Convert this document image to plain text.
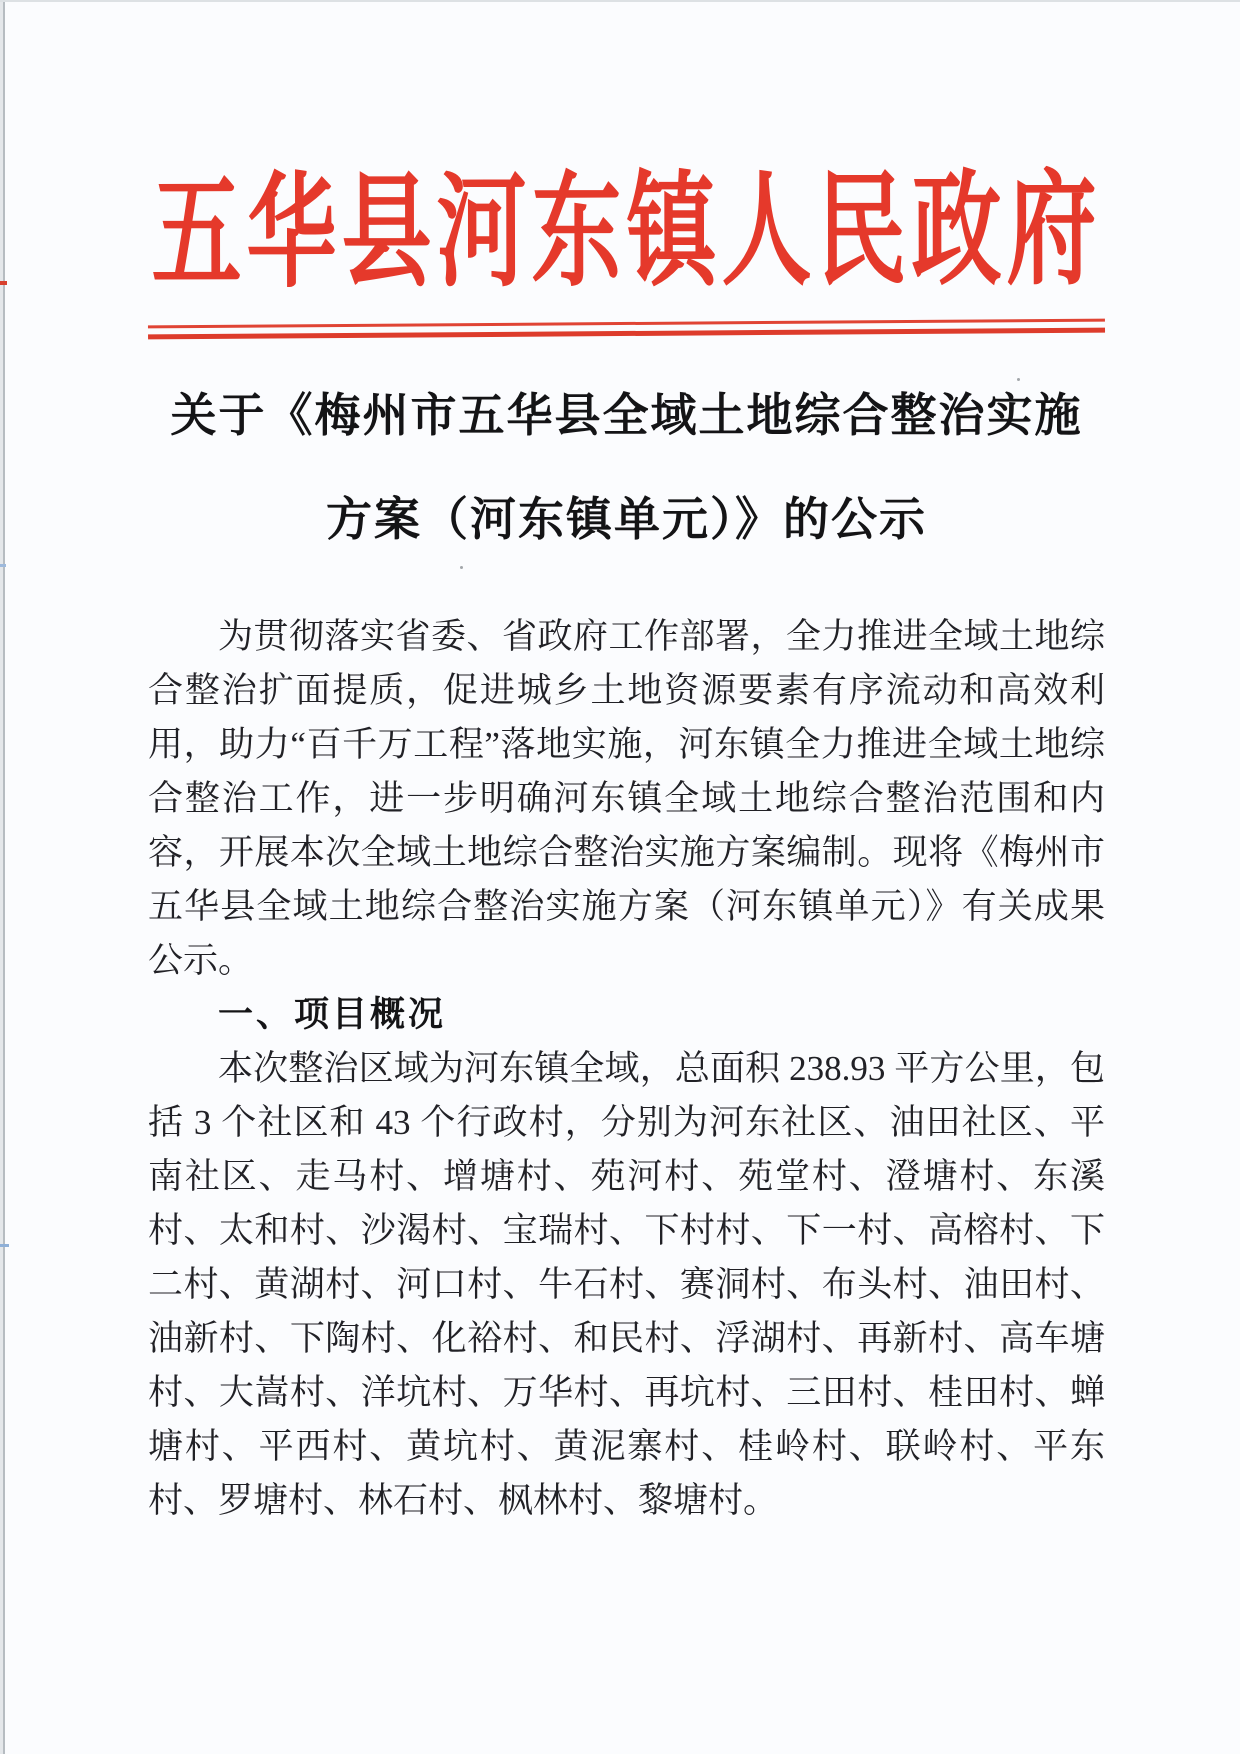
五华县河东镇人民政府
关于《梅州市五华县全域土地综合整治实施
方案（河东镇单元）》的公示
为贯彻落实省委、省政府工作部署，全力推进全域土地综
合整治扩面提质，促进城乡土地资源要素有序流动和高效利
用，助力“百千万工程”落地实施，河东镇全力推进全域土地综
合整治工作，进一步明确河东镇全域土地综合整治范围和内
容，开展本次全域土地综合整治实施方案编制。现将《梅州市
五华县全域土地综合整治实施方案（河东镇单元）》有关成果
公示。
一、项目概况
本次整治区域为河东镇全域，总面积 238.93 平方公里，包
括 3 个社区和 43 个行政村，分别为河东社区、油田社区、平
南社区、走马村、增塘村、苑河村、苑堂村、澄塘村、东溪
村、太和村、沙渴村、宝瑞村、下村村、下一村、高榕村、下
二村、黄湖村、河口村、牛石村、赛洞村、布头村、油田村、
油新村、下陶村、化裕村、和民村、浮湖村、再新村、高车塘
村、大嵩村、洋坑村、万华村、再坑村、三田村、桂田村、蝉
塘村、平西村、黄坑村、黄泥寨村、桂岭村、联岭村、平东
村、罗塘村、林石村、枫林村、黎塘村。
